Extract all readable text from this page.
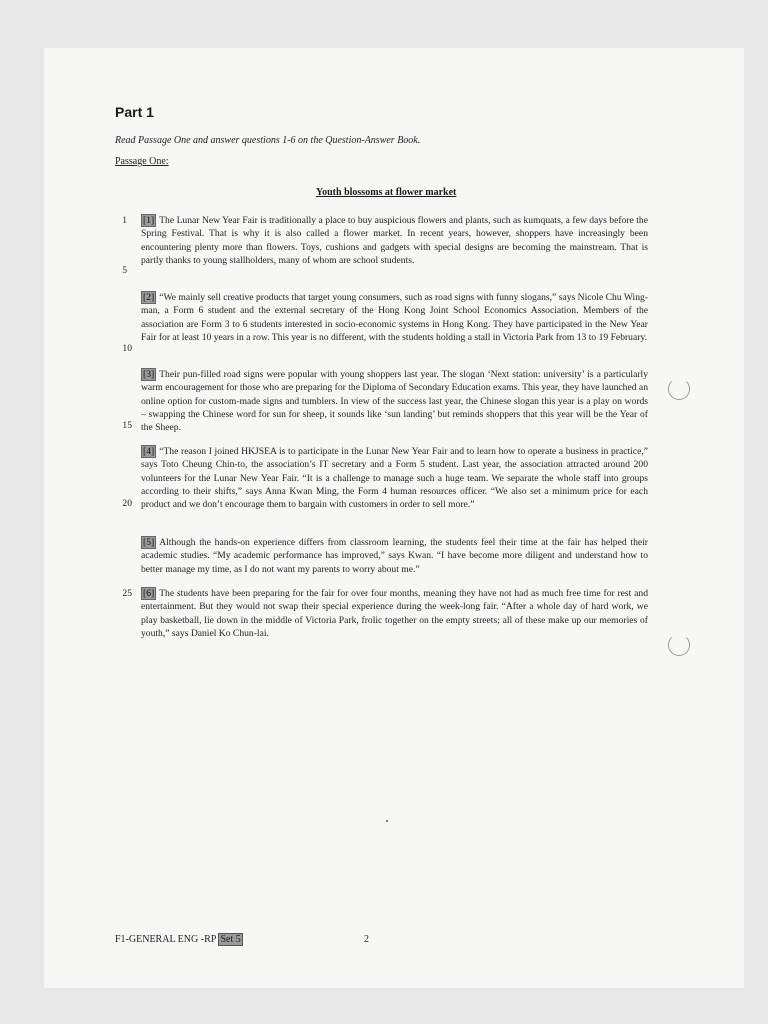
Part 1

Read Passage One and answer questions 1-6 on the Question-Answer Book.

Passage One:

Youth blossoms at flower market

1
5
10
15
20
25

[1] The Lunar New Year Fair is traditionally a place to buy auspicious flowers and plants, such as kumquats, a few days before the Spring Festival. That is why it is also called a flower market. In recent years, however, shoppers have increasingly been encountering plenty more than flowers. Toys, cushions and gadgets with special designs are becoming the mainstream. That is partly thanks to young stallholders, many of whom are school students.

[2] “We mainly sell creative products that target young consumers, such as road signs with funny slogans,” says Nicole Chu Wing-man, a Form 6 student and the external secretary of the Hong Kong Joint School Economics Association. Members of the association are Form 3 to 6 students interested in socio-economic systems in Hong Kong. They have participated in the New Year Fair for at least 10 years in a row. This year is no different, with the students holding a stall in Victoria Park from 13 to 19 February.

[3] Their pun-filled road signs were popular with young shoppers last year. The slogan ‘Next station: university’ is a particularly warm encouragement for those who are preparing for the Diploma of Secondary Education exams. This year, they have launched an online option for custom-made signs and tumblers. In view of the success last year, the Chinese slogan this year is a play on words – swapping the Chinese word for sun for sheep, it sounds like ‘sun landing’ but reminds shoppers that this year will be the Year of the Sheep.

[4] “The reason I joined HKJSEA is to participate in the Lunar New Year Fair and to learn how to operate a business in practice,” says Toto Cheung Chin-to, the association’s IT secretary and a Form 5 student. Last year, the association attracted around 200 volunteers for the Lunar New Year Fair. “It is a challenge to manage such a huge team. We separate the whole staff into groups according to their shifts,” says Anna Kwan Ming, the Form 4 human resources officer. “We also set a minimum price for each product and we don’t encourage them to bargain with customers in order to sell more.”

[5] Although the hands-on experience differs from classroom learning, the students feel their time at the fair has helped their academic studies. “My academic performance has improved,” says Kwan. “I have become more diligent and understand how to better manage my time, as I do not want my parents to worry about me.”

[6] The students have been preparing for the fair for over four months, meaning they have not had as much free time for rest and entertainment. But they would not swap their special experience during the week-long fair. “After a whole day of hard work, we play basketball, lie down in the middle of Victoria Park, frolic together on the empty streets; all of these make up our memories of youth,” says Daniel Ko Chun-lai.

F1-GENERAL ENG -RP Set 5	2
